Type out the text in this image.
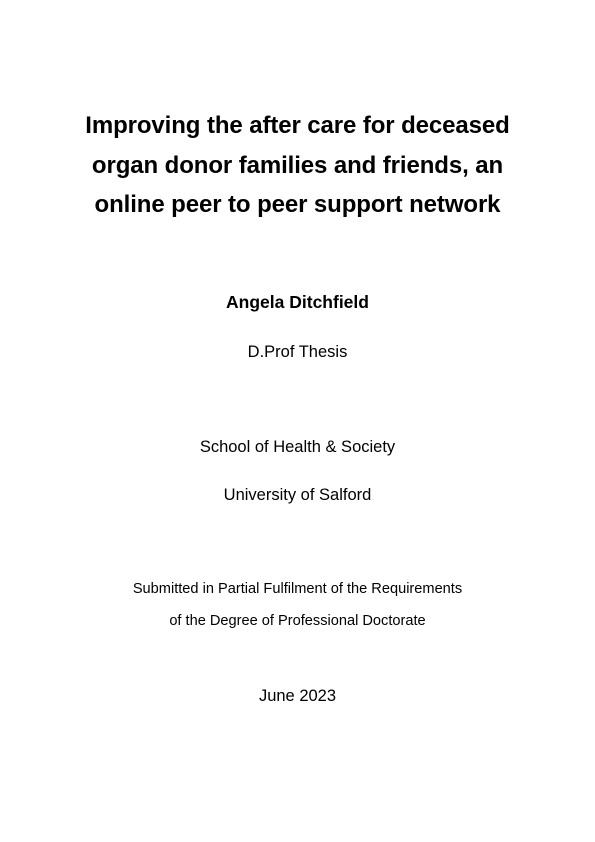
Improving the after care for deceased
organ donor families and friends, an
online peer to peer support network
Angela Ditchfield
D.Prof Thesis
School of Health & Society
University of Salford
Submitted in Partial Fulfilment of the Requirements
of the Degree of Professional Doctorate
June 2023
